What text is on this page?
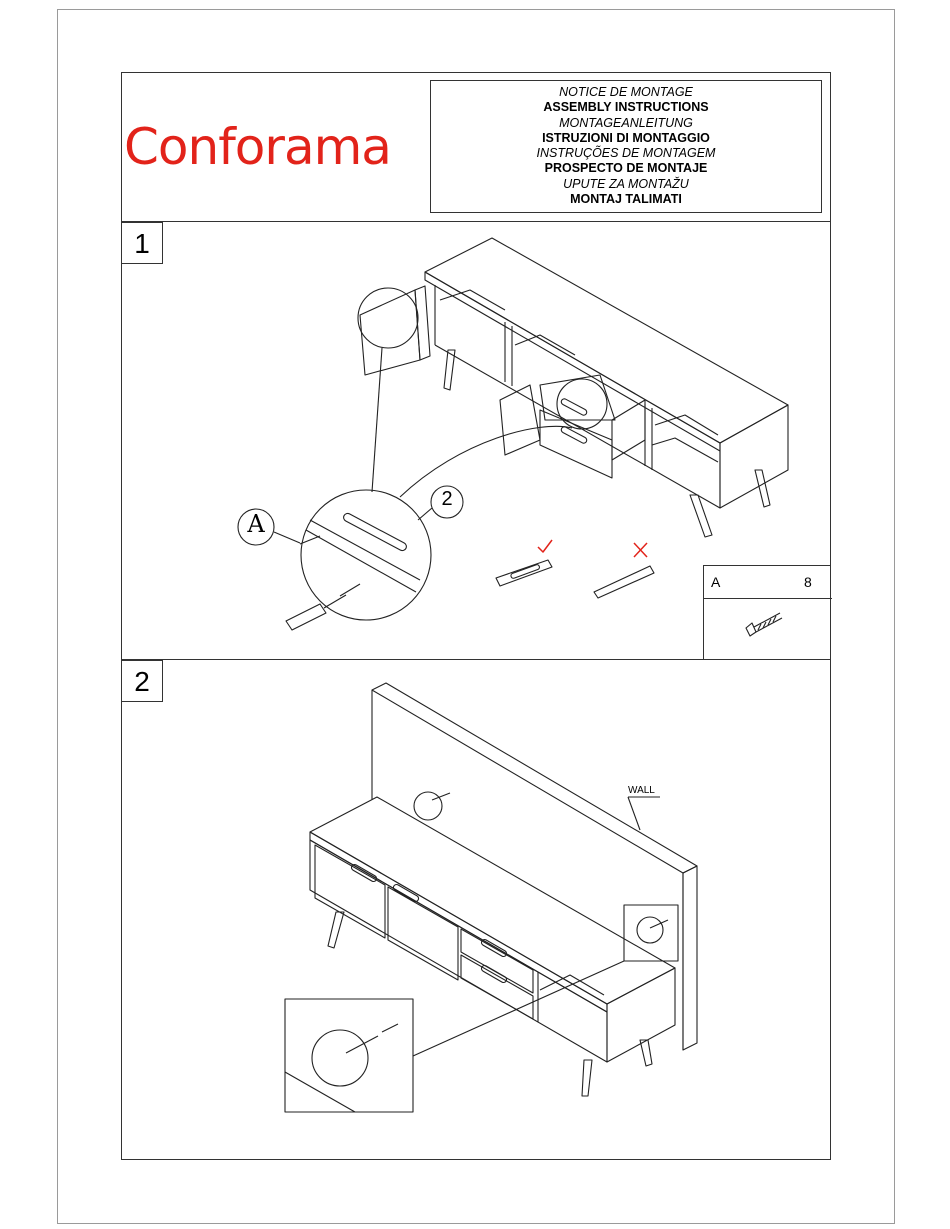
Conforama
NOTICE DE MONTAGE
ASSEMBLY INSTRUCTIONS
MONTAGEANLEITUNG
ISTRUZIONI DI MONTAGGIO
INSTRUÇÕES DE MONTAGEM
PROSPECTO DE MONTAJE
UPUTE ZA MONTAŽU
MONTAJ TALIMATI
1
A
2
A	8
2
WALL
